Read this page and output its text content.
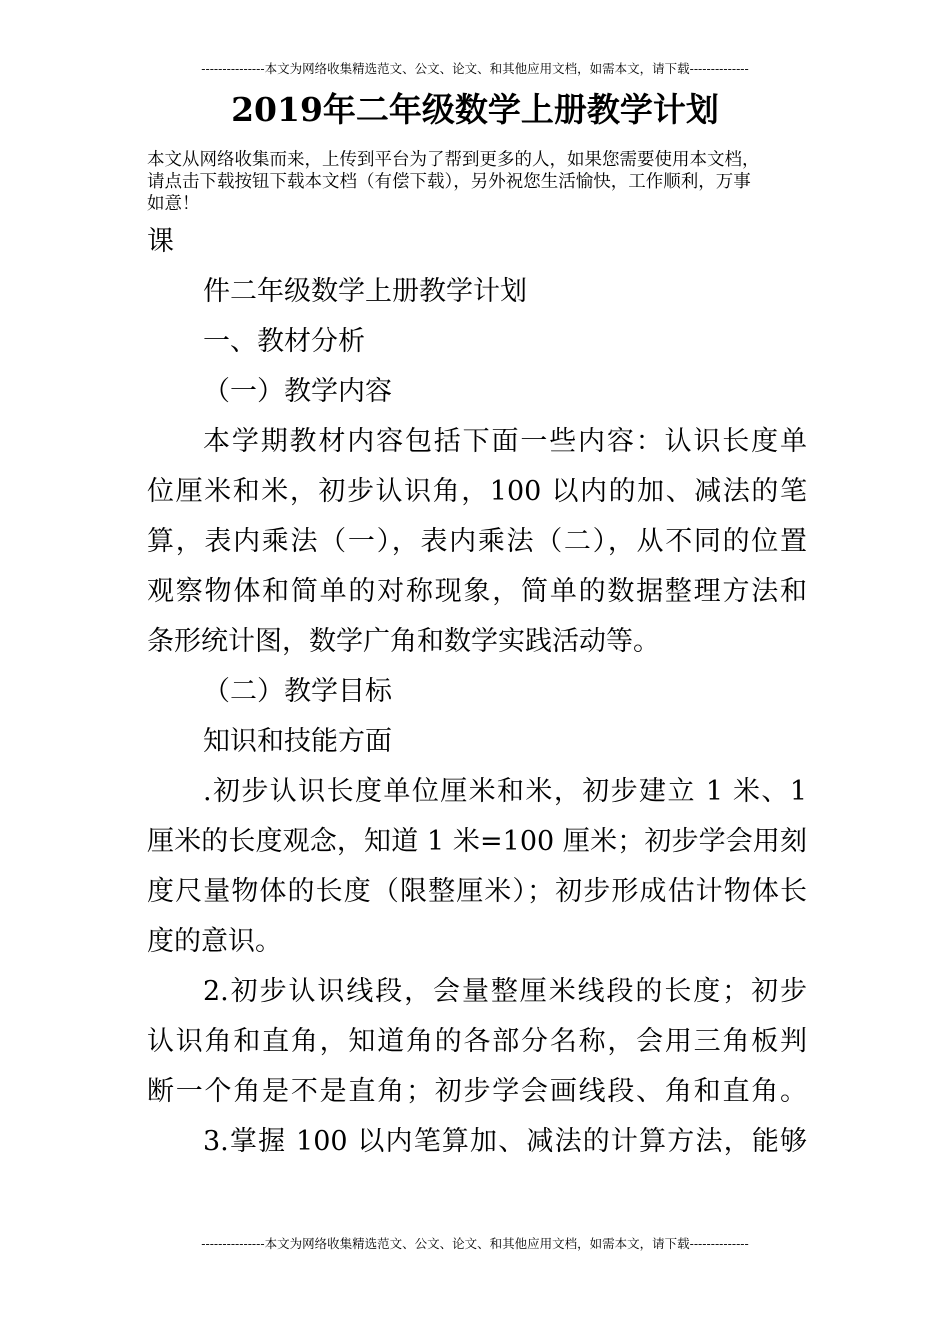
---------------本文为网络收集精选范文、公文、论文、和其他应用文档，如需本文，请下载--------------
2019年二年级数学上册教学计划
本文从网络收集而来，上传到平台为了帮到更多的人，如果您需要使用本文档，
请点击下载按钮下载本文档（有偿下载），另外祝您生活愉快，工作顺利，万事
如意！
课
件二年级数学上册教学计划
一、教材分析
（一）教学内容
本学期教材内容包括下面一些内容：认识长度单
位厘米和米，初步认识角，100 以内的加、减法的笔
算，表内乘法（一），表内乘法（二），从不同的位置
观察物体和简单的对称现象，简单的数据整理方法和
条形统计图，数学广角和数学实践活动等。
（二）教学目标
知识和技能方面
.初步认识长度单位厘米和米，初步建立 1 米、1
厘米的长度观念，知道 1 米=100 厘米；初步学会用刻
度尺量物体的长度（限整厘米）；初步形成估计物体长
度的意识。
2.初步认识线段，会量整厘米线段的长度；初步
认识角和直角，知道角的各部分名称，会用三角板判
断一个角是不是直角；初步学会画线段、角和直角。
3.掌握 100 以内笔算加、减法的计算方法，能够
---------------本文为网络收集精选范文、公文、论文、和其他应用文档，如需本文，请下载--------------
